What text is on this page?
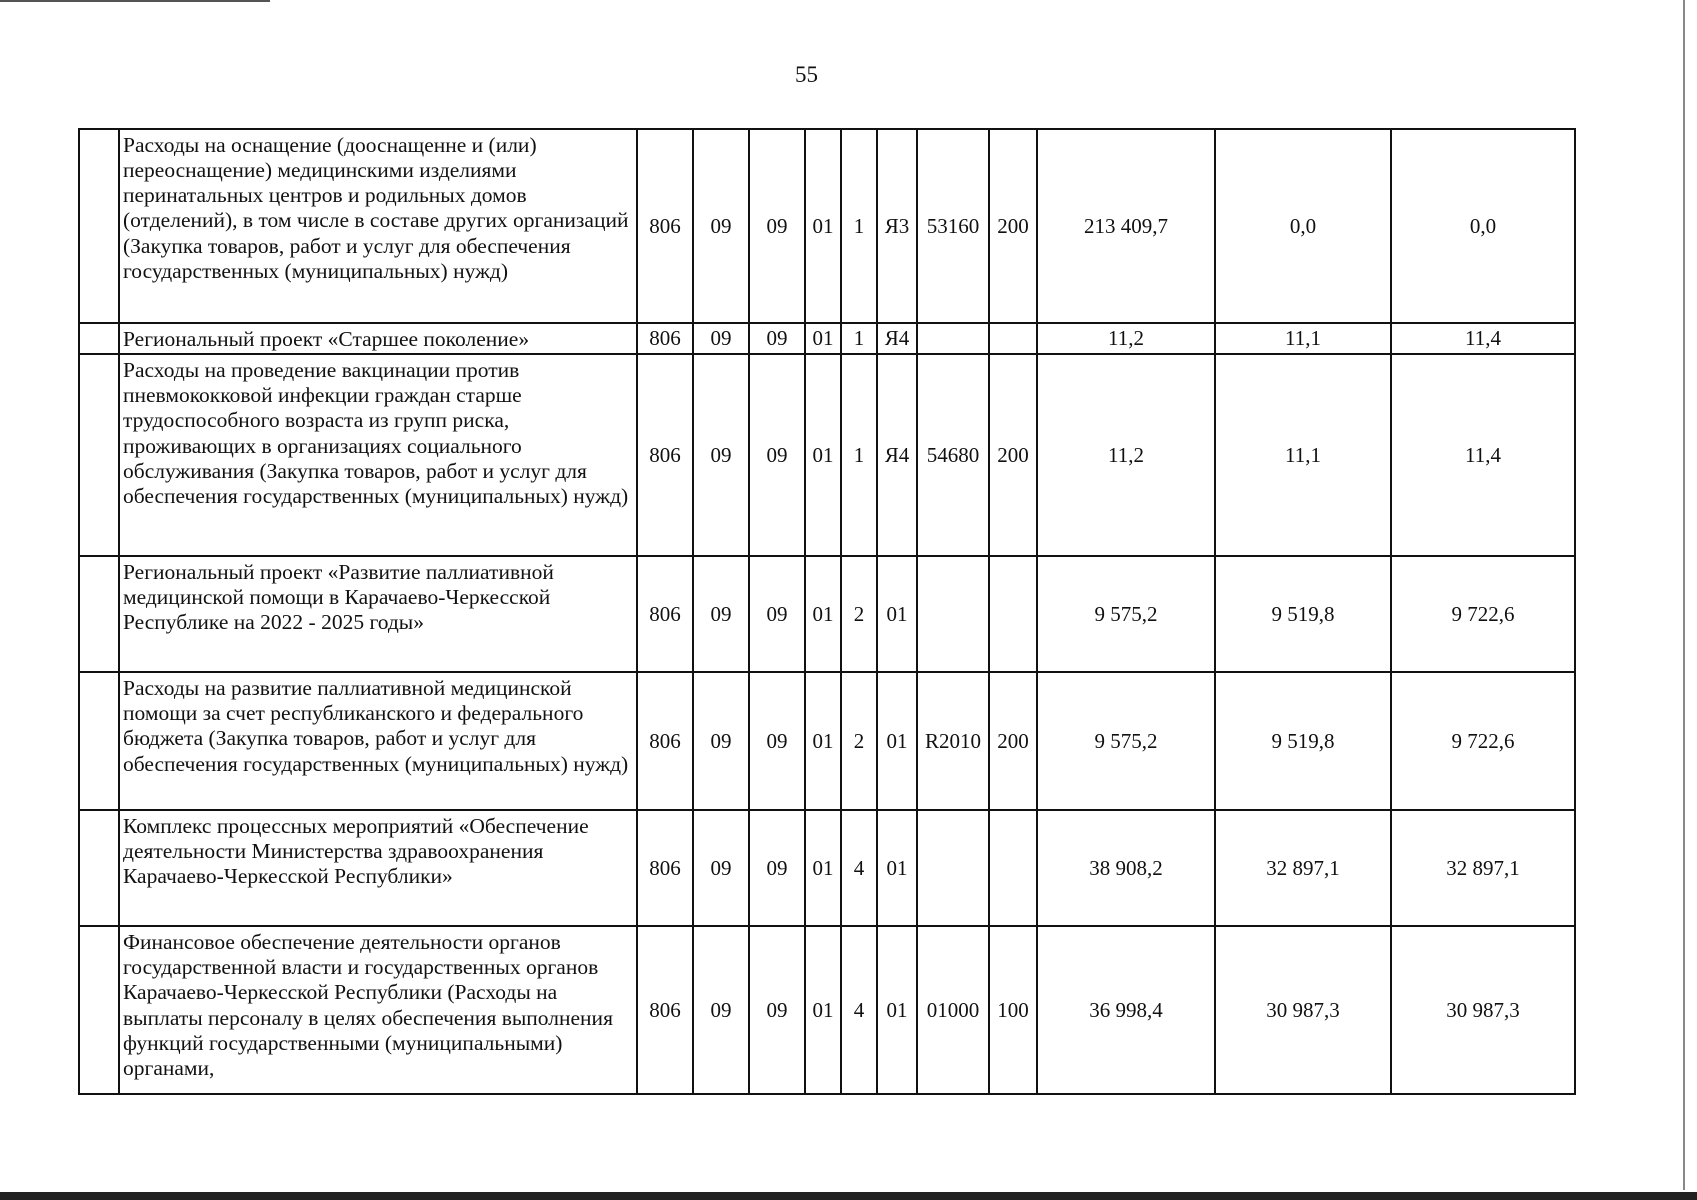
55
	Расходы на оснащение (дооснащенне и (или) переоснащение) медицинскими изделиями перинатальных центров и родильных домов (отделений), в том числе в составе других организаций (Закупка товаров, работ и услуг для обеспечения государственных (муниципальных) нужд)	806	09	09	01	1	Я3	53160	200	213 409,7	0,0	0,0
	Региональный проект «Старшее поколение»	806	09	09	01	1	Я4			11,2	11,1	11,4
	Расходы на проведение вакцинации против пневмококковой инфекции граждан старше трудоспособного возраста из групп риска, проживающих в организациях социального обслуживания (Закупка товаров, работ и услуг для обеспечения государственных (муниципальных) нужд)	806	09	09	01	1	Я4	54680	200	11,2	11,1	11,4
	Региональный проект «Развитие паллиативной медицинской помощи в Карачаево-Черкесской Республике на 2022 - 2025 годы»	806	09	09	01	2	01			9 575,2	9 519,8	9 722,6
	Расходы на развитие паллиативной медицинской помощи за счет республиканского и федерального бюджета (Закупка товаров, работ и услуг для обеспечения государственных (муниципальных) нужд)	806	09	09	01	2	01	R2010	200	9 575,2	9 519,8	9 722,6
	Комплекс процессных мероприятий «Обеспечение деятельности Министерства здравоохранения Карачаево-Черкесской Республики»	806	09	09	01	4	01			38 908,2	32 897,1	32 897,1
	Финансовое обеспечение деятельности органов государственной власти и государственных органов Карачаево-Черкесской Республики (Расходы на выплаты персоналу в целях обеспечения выполнения функций государственными (муниципальными) органами,	806	09	09	01	4	01	01000	100	36 998,4	30 987,3	30 987,3
